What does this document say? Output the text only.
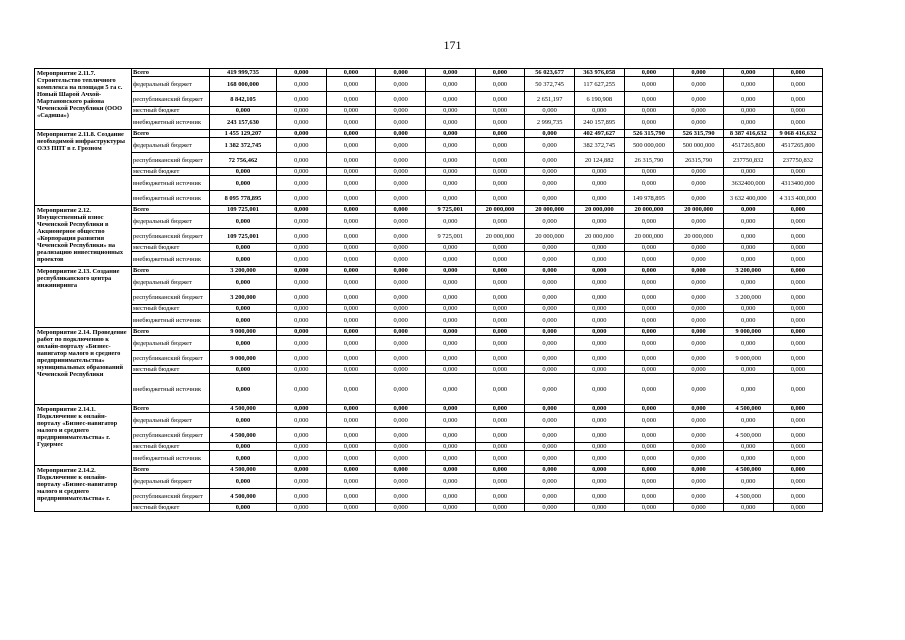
171
Мероприятие 2.11.7. Строительство тепличного комплекса на площади 5 га с. Новый Шарой Ачхой-Мартановского района Чеченской Республики (ООО «Садиша»)	Всего	419 999,735	0,000	0,000	0,000	0,000	0,000	56 023,677	363 976,058	0,000	0,000	0,000	0,000
	федеральный бюджет	168 000,000	0,000	0,000	0,000	0,000	0,000	50 372,745	117 627,255	0,000	0,000	0,000	0,000
	республиканский бюджет	8 842,105	0,000	0,000	0,000	0,000	0,000	2 651,197	6 190,908	0,000	0,000	0,000	0,000
	местный бюджет	0,000	0,000	0,000	0,000	0,000	0,000	0,000	0,000	0,000	0,000	0,000	0,000
	внебюджетный источник	243 157,630	0,000	0,000	0,000	0,000	0,000	2 999,735	240 157,895	0,000	0,000	0,000	0,000
Мероприятие 2.11.8. Создание необходимой инфраструктуры ОЭЗ ППТ в г. Грозном	Всего	1 455 129,207	0,000	0,000	0,000	0,000	0,000	0,000	402 497,627	526 315,790	526 315,790	8 387 416,632	9 068 416,632
	федеральный бюджет	1 382 372,745	0,000	0,000	0,000	0,000	0,000	0,000	382 372,745	500 000,000	500 000,000	4517265,800	4517265,800
	республиканский бюджет	72 756,462	0,000	0,000	0,000	0,000	0,000	0,000	20 124,882	26 315,790	26315,790	237750,832	237750,832
	местный бюджет	0,000	0,000	0,000	0,000	0,000	0,000	0,000	0,000	0,000	0,000	0,000	0,000
	внебюджетный источник	0,000	0,000	0,000	0,000	0,000	0,000	0,000	0,000	0,000	0,000	3632400,000	4313400,000
	внебюджетный источник	8 095 778,895	0,000	0,000	0,000	0,000	0,000	0,000	0,000	149 978,895	0,000	3 632 400,000	4 313 400,000
Мероприятие 2.12. Имущественный взнос Чеченской Республики в Акционерное общество «Корпорация развития Чеченской Республики» на реализацию инвестиционных проектов	Всего	109 725,001	0,000	0,000	0,000	9 725,001	20 000,000	20 000,000	20 000,000	20 000,000	20 000,000	0,000	0,000
	федеральный бюджет	0,000	0,000	0,000	0,000	0,000	0,000	0,000	0,000	0,000	0,000	0,000	0,000
	республиканский бюджет	109 725,001	0,000	0,000	0,000	9 725,001	20 000,000	20 000,000	20 000,000	20 000,000	20 000,000	0,000	0,000
	местный бюджет	0,000	0,000	0,000	0,000	0,000	0,000	0,000	0,000	0,000	0,000	0,000	0,000
	внебюджетный источник	0,000	0,000	0,000	0,000	0,000	0,000	0,000	0,000	0,000	0,000	0,000	0,000
Мероприятие 2.13. Создание республиканского центра инжиниринга	Всего	3 200,000	0,000	0,000	0,000	0,000	0,000	0,000	0,000	0,000	0,000	3 200,000	0,000
	федеральный бюджет	0,000	0,000	0,000	0,000	0,000	0,000	0,000	0,000	0,000	0,000	0,000	0,000
	республиканский бюджет	3 200,000	0,000	0,000	0,000	0,000	0,000	0,000	0,000	0,000	0,000	3 200,000	0,000
	местный бюджет	0,000	0,000	0,000	0,000	0,000	0,000	0,000	0,000	0,000	0,000	0,000	0,000
	внебюджетный источник	0,000	0,000	0,000	0,000	0,000	0,000	0,000	0,000	0,000	0,000	0,000	0,000
Мероприятие 2.14. Проведение работ по подключению к онлайн-порталу «Бизнес-навигатор малого и среднего предпринимательства» муниципальных образований Чеченской Республики	Всего	9 000,000	0,000	0,000	0,000	0,000	0,000	0,000	0,000	0,000	0,000	9 000,000	0,000
	федеральный бюджет	0,000	0,000	0,000	0,000	0,000	0,000	0,000	0,000	0,000	0,000	0,000	0,000
	республиканский бюджет	9 000,000	0,000	0,000	0,000	0,000	0,000	0,000	0,000	0,000	0,000	9 000,000	0,000
	местный бюджет	0,000	0,000	0,000	0,000	0,000	0,000	0,000	0,000	0,000	0,000	0,000	0,000
	внебюджетный источник	0,000	0,000	0,000	0,000	0,000	0,000	0,000	0,000	0,000	0,000	0,000	0,000
Мероприятие 2.14.1. Подключение к онлайн-порталу «Бизнес-навигатор малого и среднего предпринимательства» г. Гудермес	Всего	4 500,000	0,000	0,000	0,000	0,000	0,000	0,000	0,000	0,000	0,000	4 500,000	0,000
	федеральный бюджет	0,000	0,000	0,000	0,000	0,000	0,000	0,000	0,000	0,000	0,000	0,000	0,000
	республиканский бюджет	4 500,000	0,000	0,000	0,000	0,000	0,000	0,000	0,000	0,000	0,000	4 500,000	0,000
	местный бюджет	0,000	0,000	0,000	0,000	0,000	0,000	0,000	0,000	0,000	0,000	0,000	0,000
	внебюджетный источник	0,000	0,000	0,000	0,000	0,000	0,000	0,000	0,000	0,000	0,000	0,000	0,000
Мероприятие 2.14.2. Подключение к онлайн-порталу «Бизнес-навигатор малого и среднего предпринимательства» г.	Всего	4 500,000	0,000	0,000	0,000	0,000	0,000	0,000	0,000	0,000	0,000	4 500,000	0,000
	федеральный бюджет	0,000	0,000	0,000	0,000	0,000	0,000	0,000	0,000	0,000	0,000	0,000	0,000
	республиканский бюджет	4 500,000	0,000	0,000	0,000	0,000	0,000	0,000	0,000	0,000	0,000	4 500,000	0,000
	местный бюджет	0,000	0,000	0,000	0,000	0,000	0,000	0,000	0,000	0,000	0,000	0,000	0,000
